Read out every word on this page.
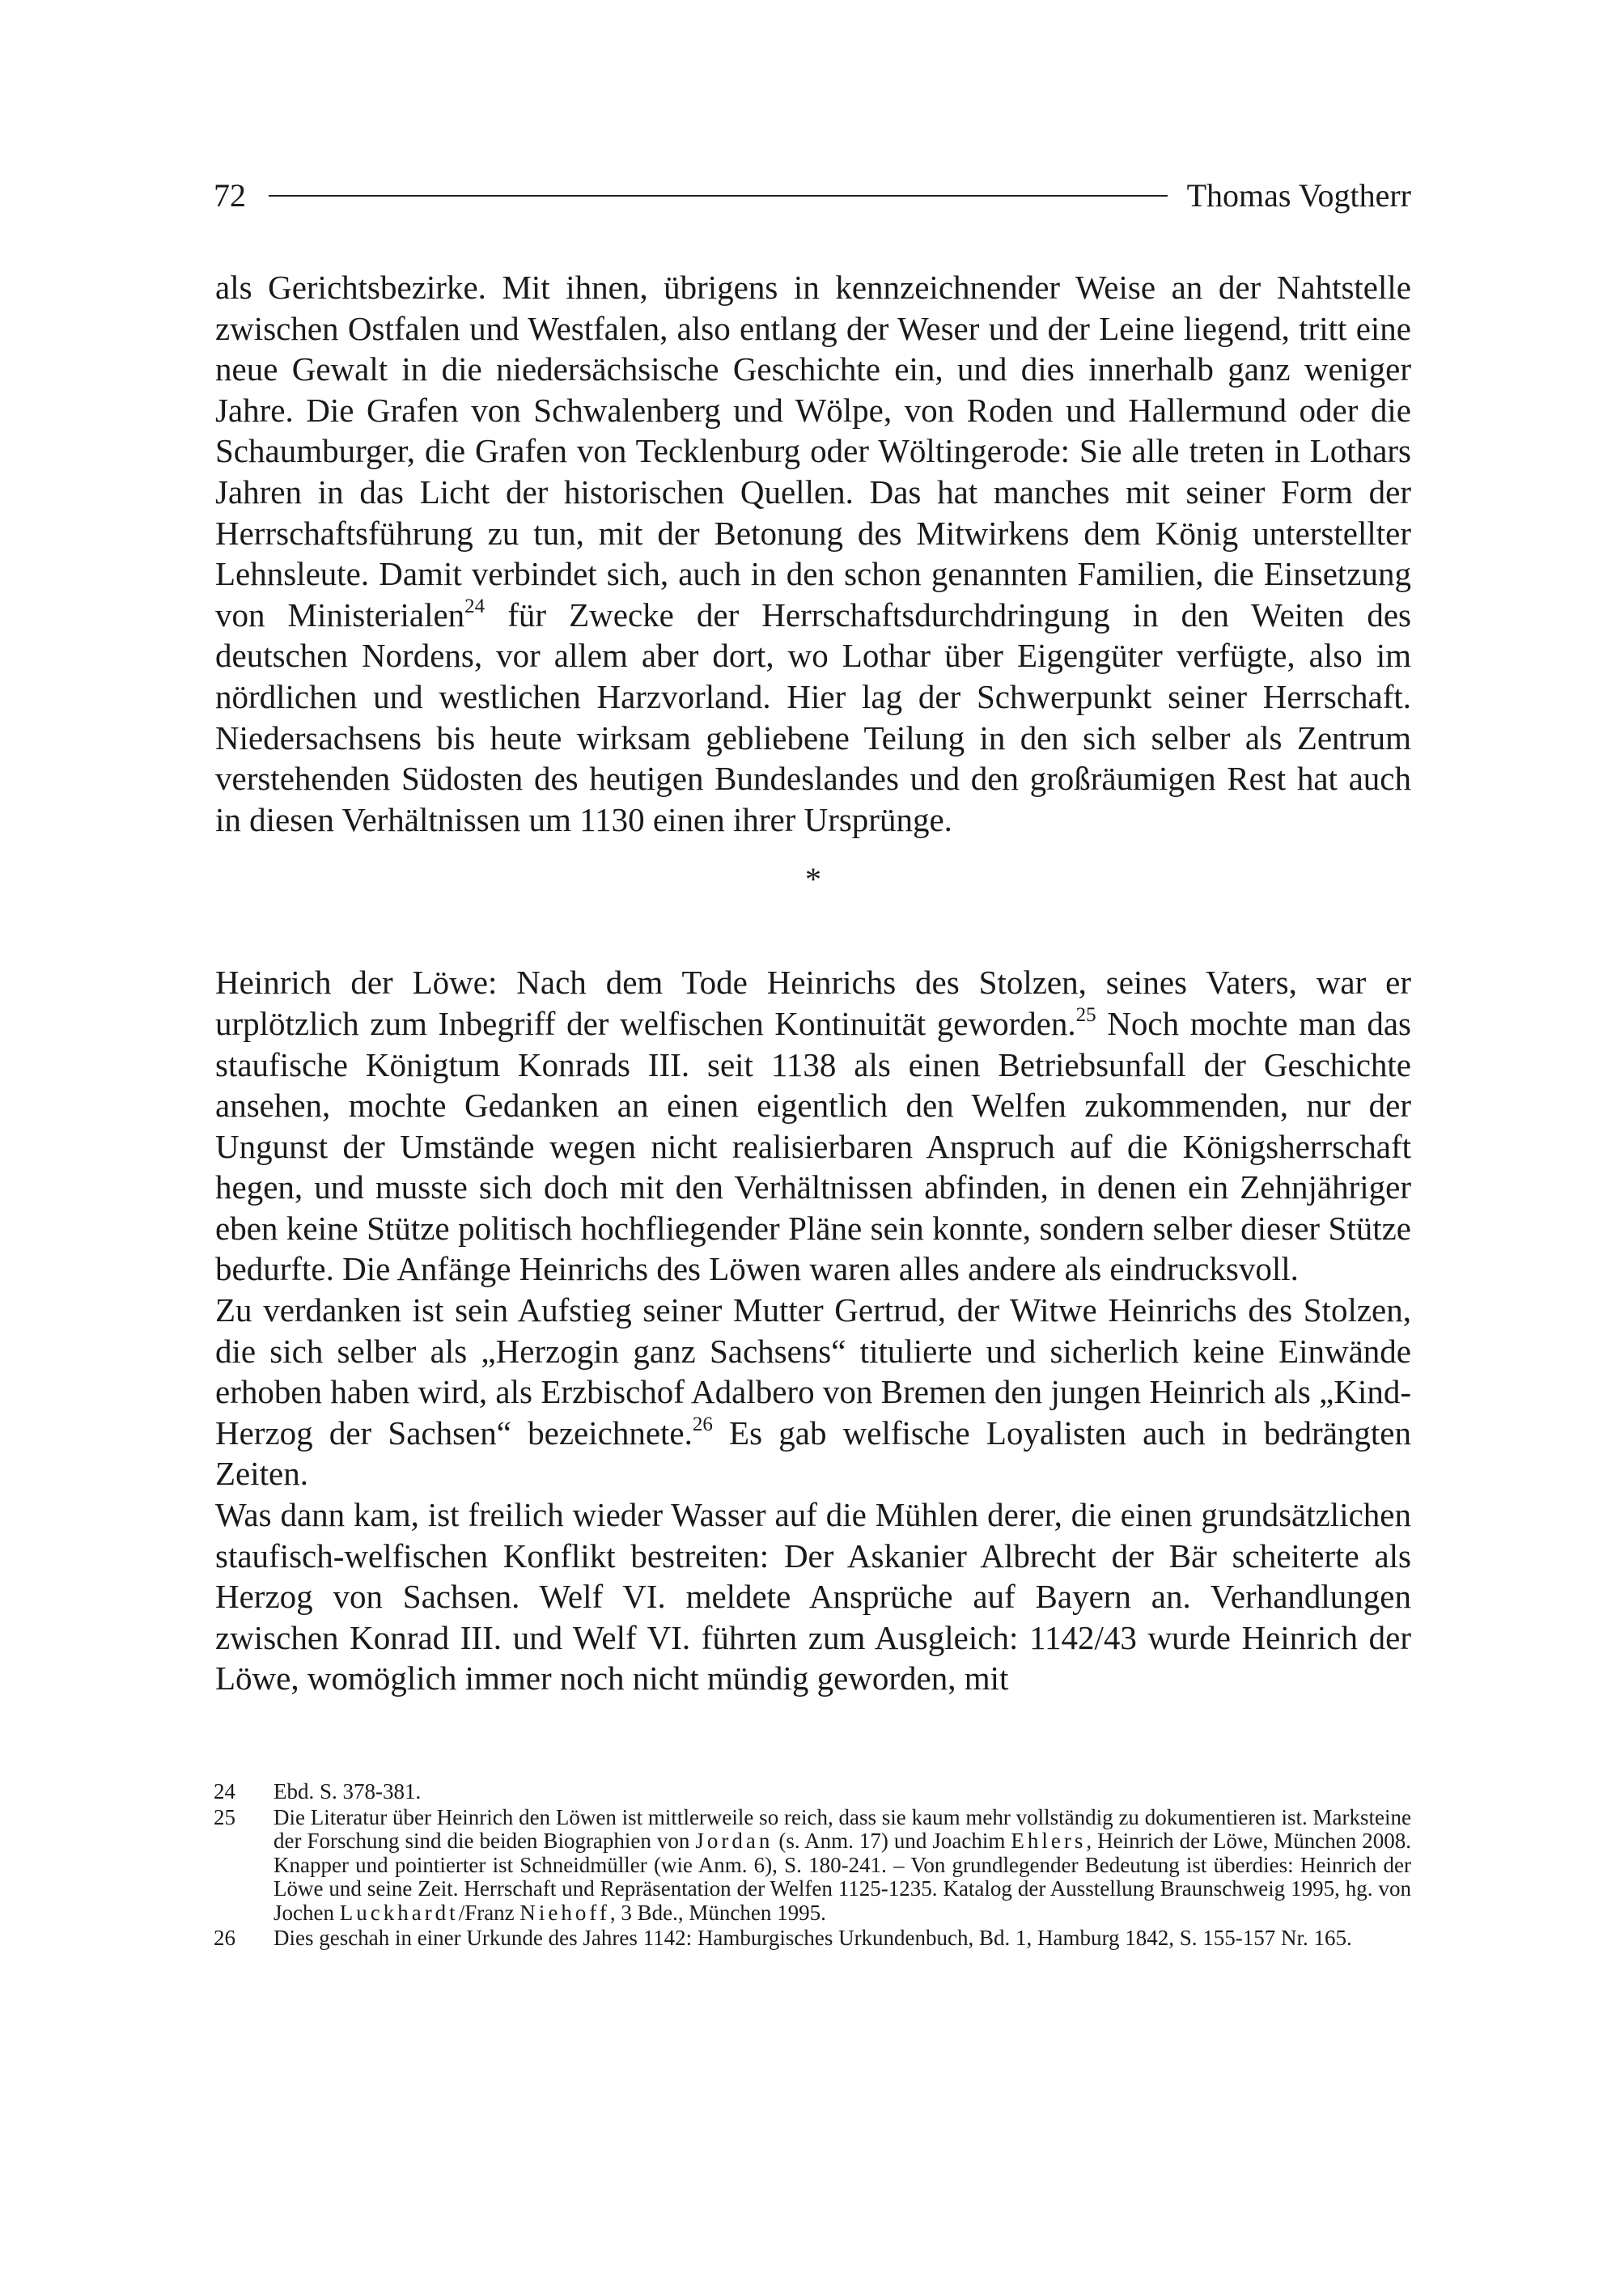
72	Thomas Vogtherr

als Gerichtsbezirke. Mit ihnen, übrigens in kennzeichnender Weise an der Nahtstelle zwischen Ostfalen und Westfalen, also entlang der Weser und der Leine liegend, tritt eine neue Gewalt in die niedersächsische Geschichte ein, und dies innerhalb ganz weniger Jahre. Die Grafen von Schwalenberg und Wölpe, von Roden und Hallermund oder die Schaumburger, die Grafen von Tecklenburg oder Wöltingerode: Sie alle treten in Lothars Jahren in das Licht der historischen Quellen. Das hat manches mit seiner Form der Herrschaftsführung zu tun, mit der Betonung des Mitwirkens dem König unterstellter Lehnsleute. Damit verbindet sich, auch in den schon genannten Familien, die Einsetzung von Ministerialen$^{24}$ für Zwecke der Herrschaftsdurchdringung in den Weiten des deutschen Nordens, vor allem aber dort, wo Lothar über Eigengüter verfügte, also im nördlichen und westlichen Harzvorland. Hier lag der Schwerpunkt seiner Herrschaft. Niedersachsens bis heute wirksam gebliebene Teilung in den sich selber als Zentrum verstehenden Südosten des heutigen Bundeslandes und den großräumigen Rest hat auch in diesen Verhältnissen um 1130 einen ihrer Ursprünge.

*

Heinrich der Löwe: Nach dem Tode Heinrichs des Stolzen, seines Vaters, war er urplötzlich zum Inbegriff der welfischen Kontinuität geworden.$^{25}$ Noch mochte man das staufische Königtum Konrads III. seit 1138 als einen Betriebsunfall der Geschichte ansehen, mochte Gedanken an einen eigentlich den Welfen zukommenden, nur der Ungunst der Umstände wegen nicht realisierbaren Anspruch auf die Königsherrschaft hegen, und musste sich doch mit den Verhältnissen abfinden, in denen ein Zehnjähriger eben keine Stütze politisch hochfliegender Pläne sein konnte, sondern selber dieser Stütze bedurfte. Die Anfänge Heinrichs des Löwen waren alles andere als eindrucksvoll.

Zu verdanken ist sein Aufstieg seiner Mutter Gertrud, der Witwe Heinrichs des Stolzen, die sich selber als „Herzogin ganz Sachsens“ titulierte und sicherlich keine Einwände erhoben haben wird, als Erzbischof Adalbero von Bremen den jungen Heinrich als „Kind-Herzog der Sachsen“ bezeichnete.$^{26}$ Es gab welfische Loyalisten auch in bedrängten Zeiten.

Was dann kam, ist freilich wieder Wasser auf die Mühlen derer, die einen grundsätzlichen staufisch-welfischen Konflikt bestreiten: Der Askanier Albrecht der Bär scheiterte als Herzog von Sachsen. Welf VI. meldete Ansprüche auf Bayern an. Verhandlungen zwischen Konrad III. und Welf VI. führten zum Ausgleich: 1142/43 wurde Heinrich der Löwe, womöglich immer noch nicht mündig geworden, mit

24	Ebd. S. 378-381.
25	Die Literatur über Heinrich den Löwen ist mittlerweile so reich, dass sie kaum mehr vollständig zu dokumentieren ist. Marksteine der Forschung sind die beiden Biographien von Jordan (s. Anm. 17) und Joachim Ehlers, Heinrich der Löwe, München 2008. Knapper und pointierter ist Schneidmüller (wie Anm. 6), S. 180-241. – Von grundlegender Bedeutung ist überdies: Heinrich der Löwe und seine Zeit. Herrschaft und Repräsentation der Welfen 1125-1235. Katalog der Ausstellung Braunschweig 1995, hg. von Jochen Luckhardt/Franz Niehoff, 3 Bde., München 1995.
26	Dies geschah in einer Urkunde des Jahres 1142: Hamburgisches Urkundenbuch, Bd. 1, Hamburg 1842, S. 155-157 Nr. 165.
